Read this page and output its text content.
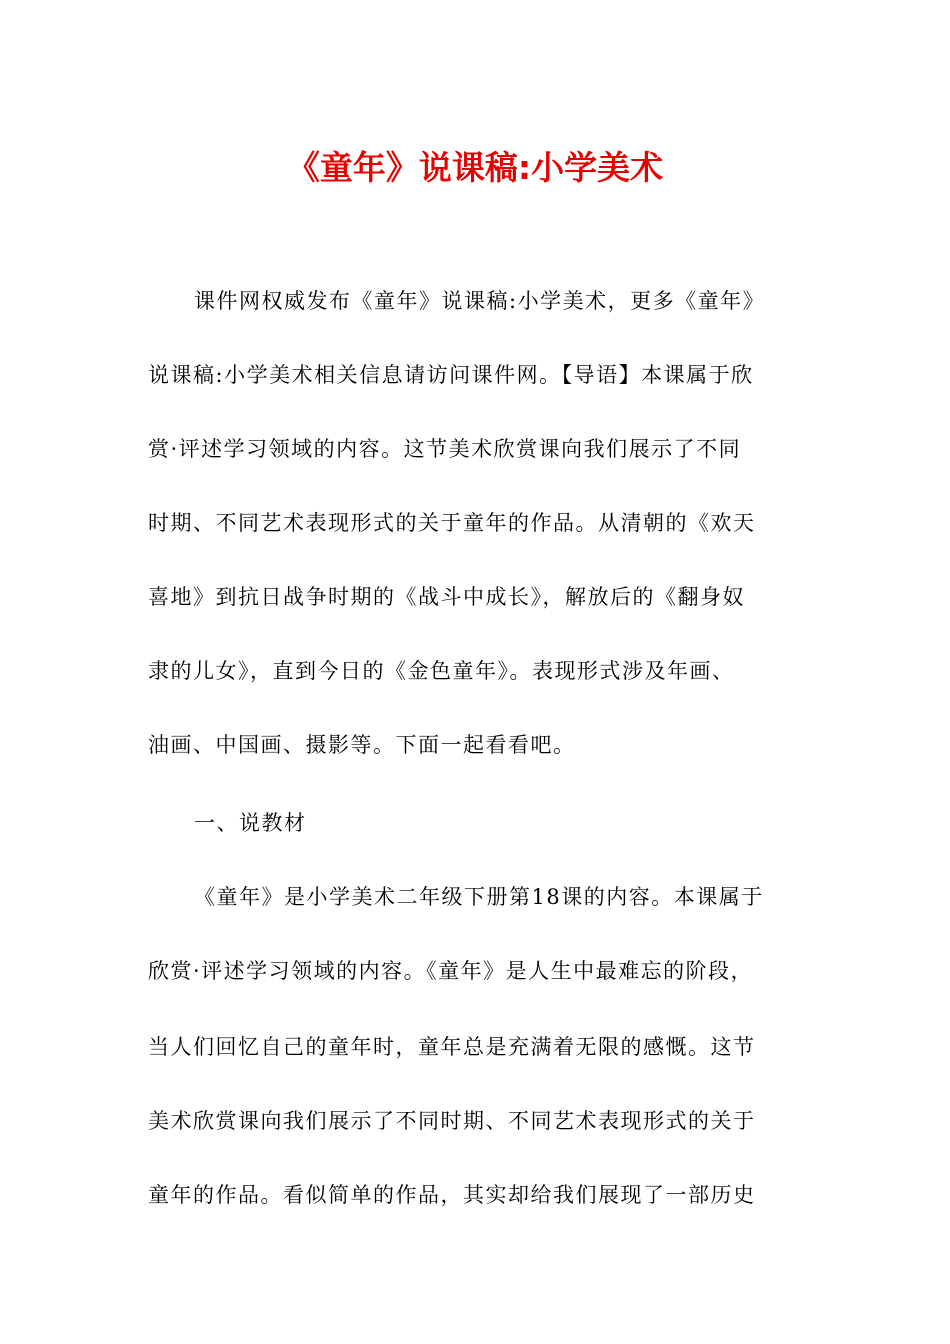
《童年》说课稿:小学美术
课件网权威发布《童年》说课稿:小学美术，更多《童年》
说课稿:小学美术相关信息请访问课件网。【导语】本课属于欣
赏·评述学习领域的内容。这节美术欣赏课向我们展示了不同
时期、不同艺术表现形式的关于童年的作品。从清朝的《欢天
喜地》到抗日战争时期的《战斗中成长》，解放后的《翻身奴
隶的儿女》，直到今日的《金色童年》。表现形式涉及年画、
油画、中国画、摄影等。下面一起看看吧。
一、说教材
《童年》是小学美术二年级下册第18课的内容。本课属于
欣赏·评述学习领域的内容。《童年》是人生中最难忘的阶段，
当人们回忆自己的童年时，童年总是充满着无限的感慨。这节
美术欣赏课向我们展示了不同时期、不同艺术表现形式的关于
童年的作品。看似简单的作品，其实却给我们展现了一部历史
